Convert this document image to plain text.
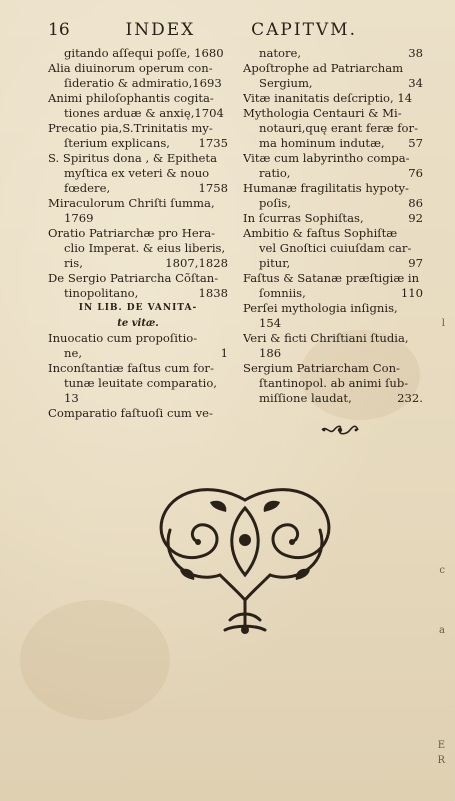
16	INDEX	CAPITVM.
gitando aſſequi poſſe, 1680
Alia diuinorum operum con-
ſideratio & admiratio,1693
Animi philoſophantis cogita-
tiones arduæ & anxię,1704
Precatio pia,S.Trinitatis my-
1735
ſterium explicans,
S. Spiritus dona , & Epitheta
myſtica ex veteri & nouo
1758
fœdere,
Miraculorum Chriſti ſumma,
1769
Oratio Patriarchæ pro Hera-
clio Imperat. & eius liberis,
1807,1828
ris,
De Sergio Patriarcha Cõſtan-
1838
tinopolitano,
IN LIB. DE VANITA-
te vitæ.
Inuocatio cum propoſitio-
1
ne,
Inconſtantiæ faſtus cum for-
tunæ leuitate comparatio,
13
Comparatio faſtuoſi cum ve-
38
natore,
Apoſtrophe ad Patriarcham
34
Sergium,
Vitæ inanitatis deſcriptio, 14
Mythologia Centauri & Mi-
notauri,quę erant feræ for-
57
ma hominum indutæ,
Vitæ cum labyrintho compa-
76
ratio,
Humanæ fragilitatis hypoty-
86
poſis,
92
In ſcurras Sophiſtas,
Ambitio & faſtus Sophiſtæ
vel Gnoſtici cuiuſdam car-
97
pitur,
Faſtus & Satanæ præſtigiæ in
110
ſomniis,
Perſei mythologia inſignis,
154
Veri & ficti Chriſtiani ſtudia,
186
Sergium Patriarcham Con-
ſtantinopol. ab animi ſub-
232.
miſſione laudat,
l
c
a
E
R
